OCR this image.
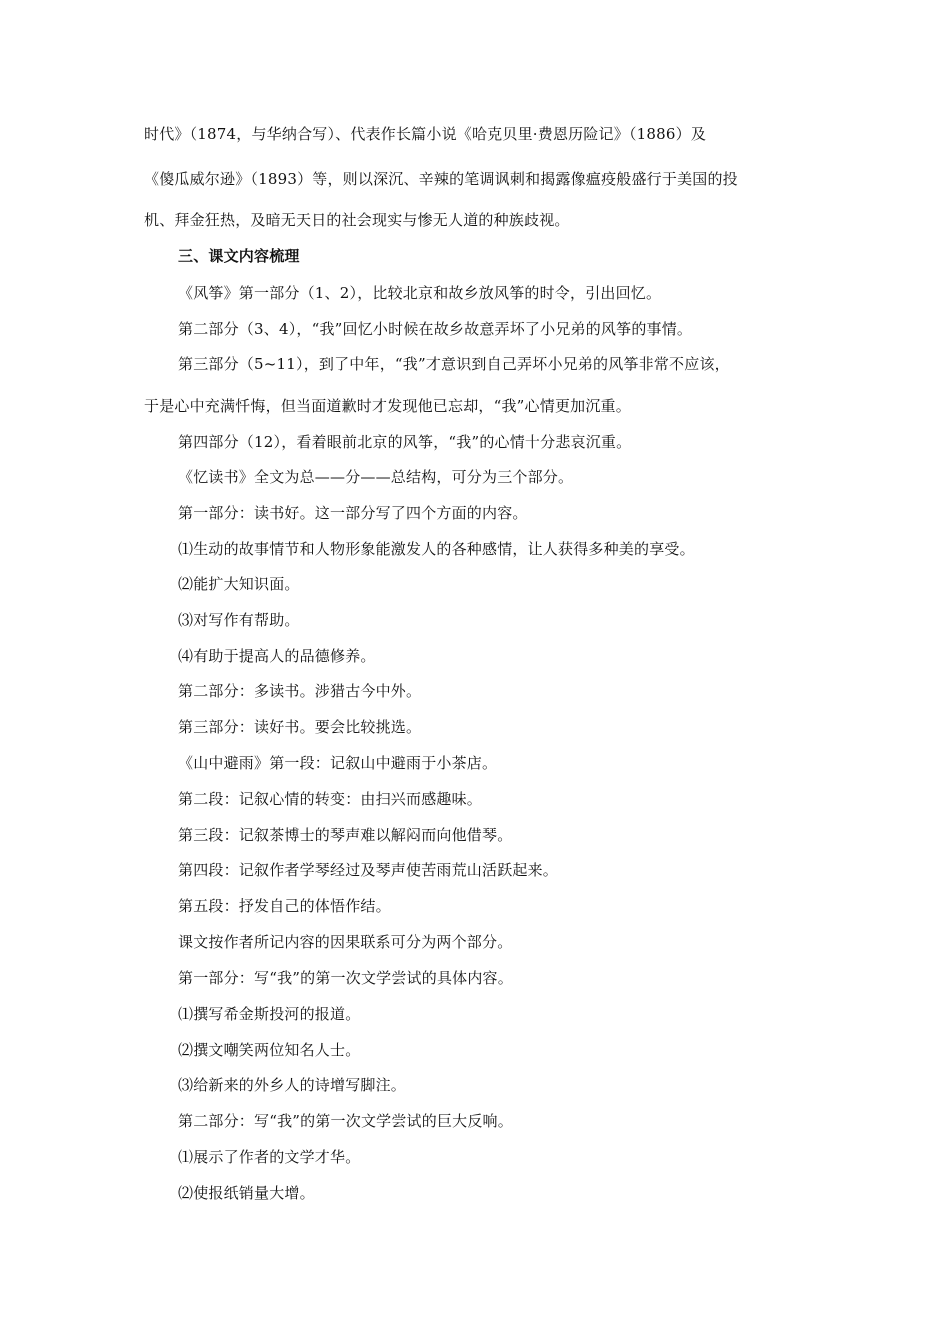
时代》（1874，与华纳合写）、代表作长篇小说《哈克贝里·费恩历险记》（1886）及
《傻瓜威尔逊》（1893）等，则以深沉、辛辣的笔调讽刺和揭露像瘟疫般盛行于美国的投
机、拜金狂热，及暗无天日的社会现实与惨无人道的种族歧视。
三、课文内容梳理
《风筝》第一部分（1、2），比较北京和故乡放风筝的时令，引出回忆。
第二部分（3、4），“我”回忆小时候在故乡故意弄坏了小兄弟的风筝的事情。
第三部分（5~11），到了中年，“我”才意识到自己弄坏小兄弟的风筝非常不应该，
于是心中充满忏悔，但当面道歉时才发现他已忘却，“我”心情更加沉重。
第四部分（12），看着眼前北京的风筝，“我”的心情十分悲哀沉重。
《忆读书》全文为总——分——总结构，可分为三个部分。
第一部分：读书好。这一部分写了四个方面的内容。
⑴生动的故事情节和人物形象能激发人的各种感情，让人获得多种美的享受。
⑵能扩大知识面。
⑶对写作有帮助。
⑷有助于提高人的品德修养。
第二部分：多读书。涉猎古今中外。
第三部分：读好书。要会比较挑选。
《山中避雨》第一段：记叙山中避雨于小茶店。
第二段：记叙心情的转变：由扫兴而感趣味。
第三段：记叙茶博士的琴声难以解闷而向他借琴。
第四段：记叙作者学琴经过及琴声使苦雨荒山活跃起来。
第五段：抒发自己的体悟作结。
课文按作者所记内容的因果联系可分为两个部分。
第一部分：写“我”的第一次文学尝试的具体内容。
⑴撰写希金斯投河的报道。
⑵撰文嘲笑两位知名人士。
⑶给新来的外乡人的诗增写脚注。
第二部分：写“我”的第一次文学尝试的巨大反响。
⑴展示了作者的文学才华。
⑵使报纸销量大增。
